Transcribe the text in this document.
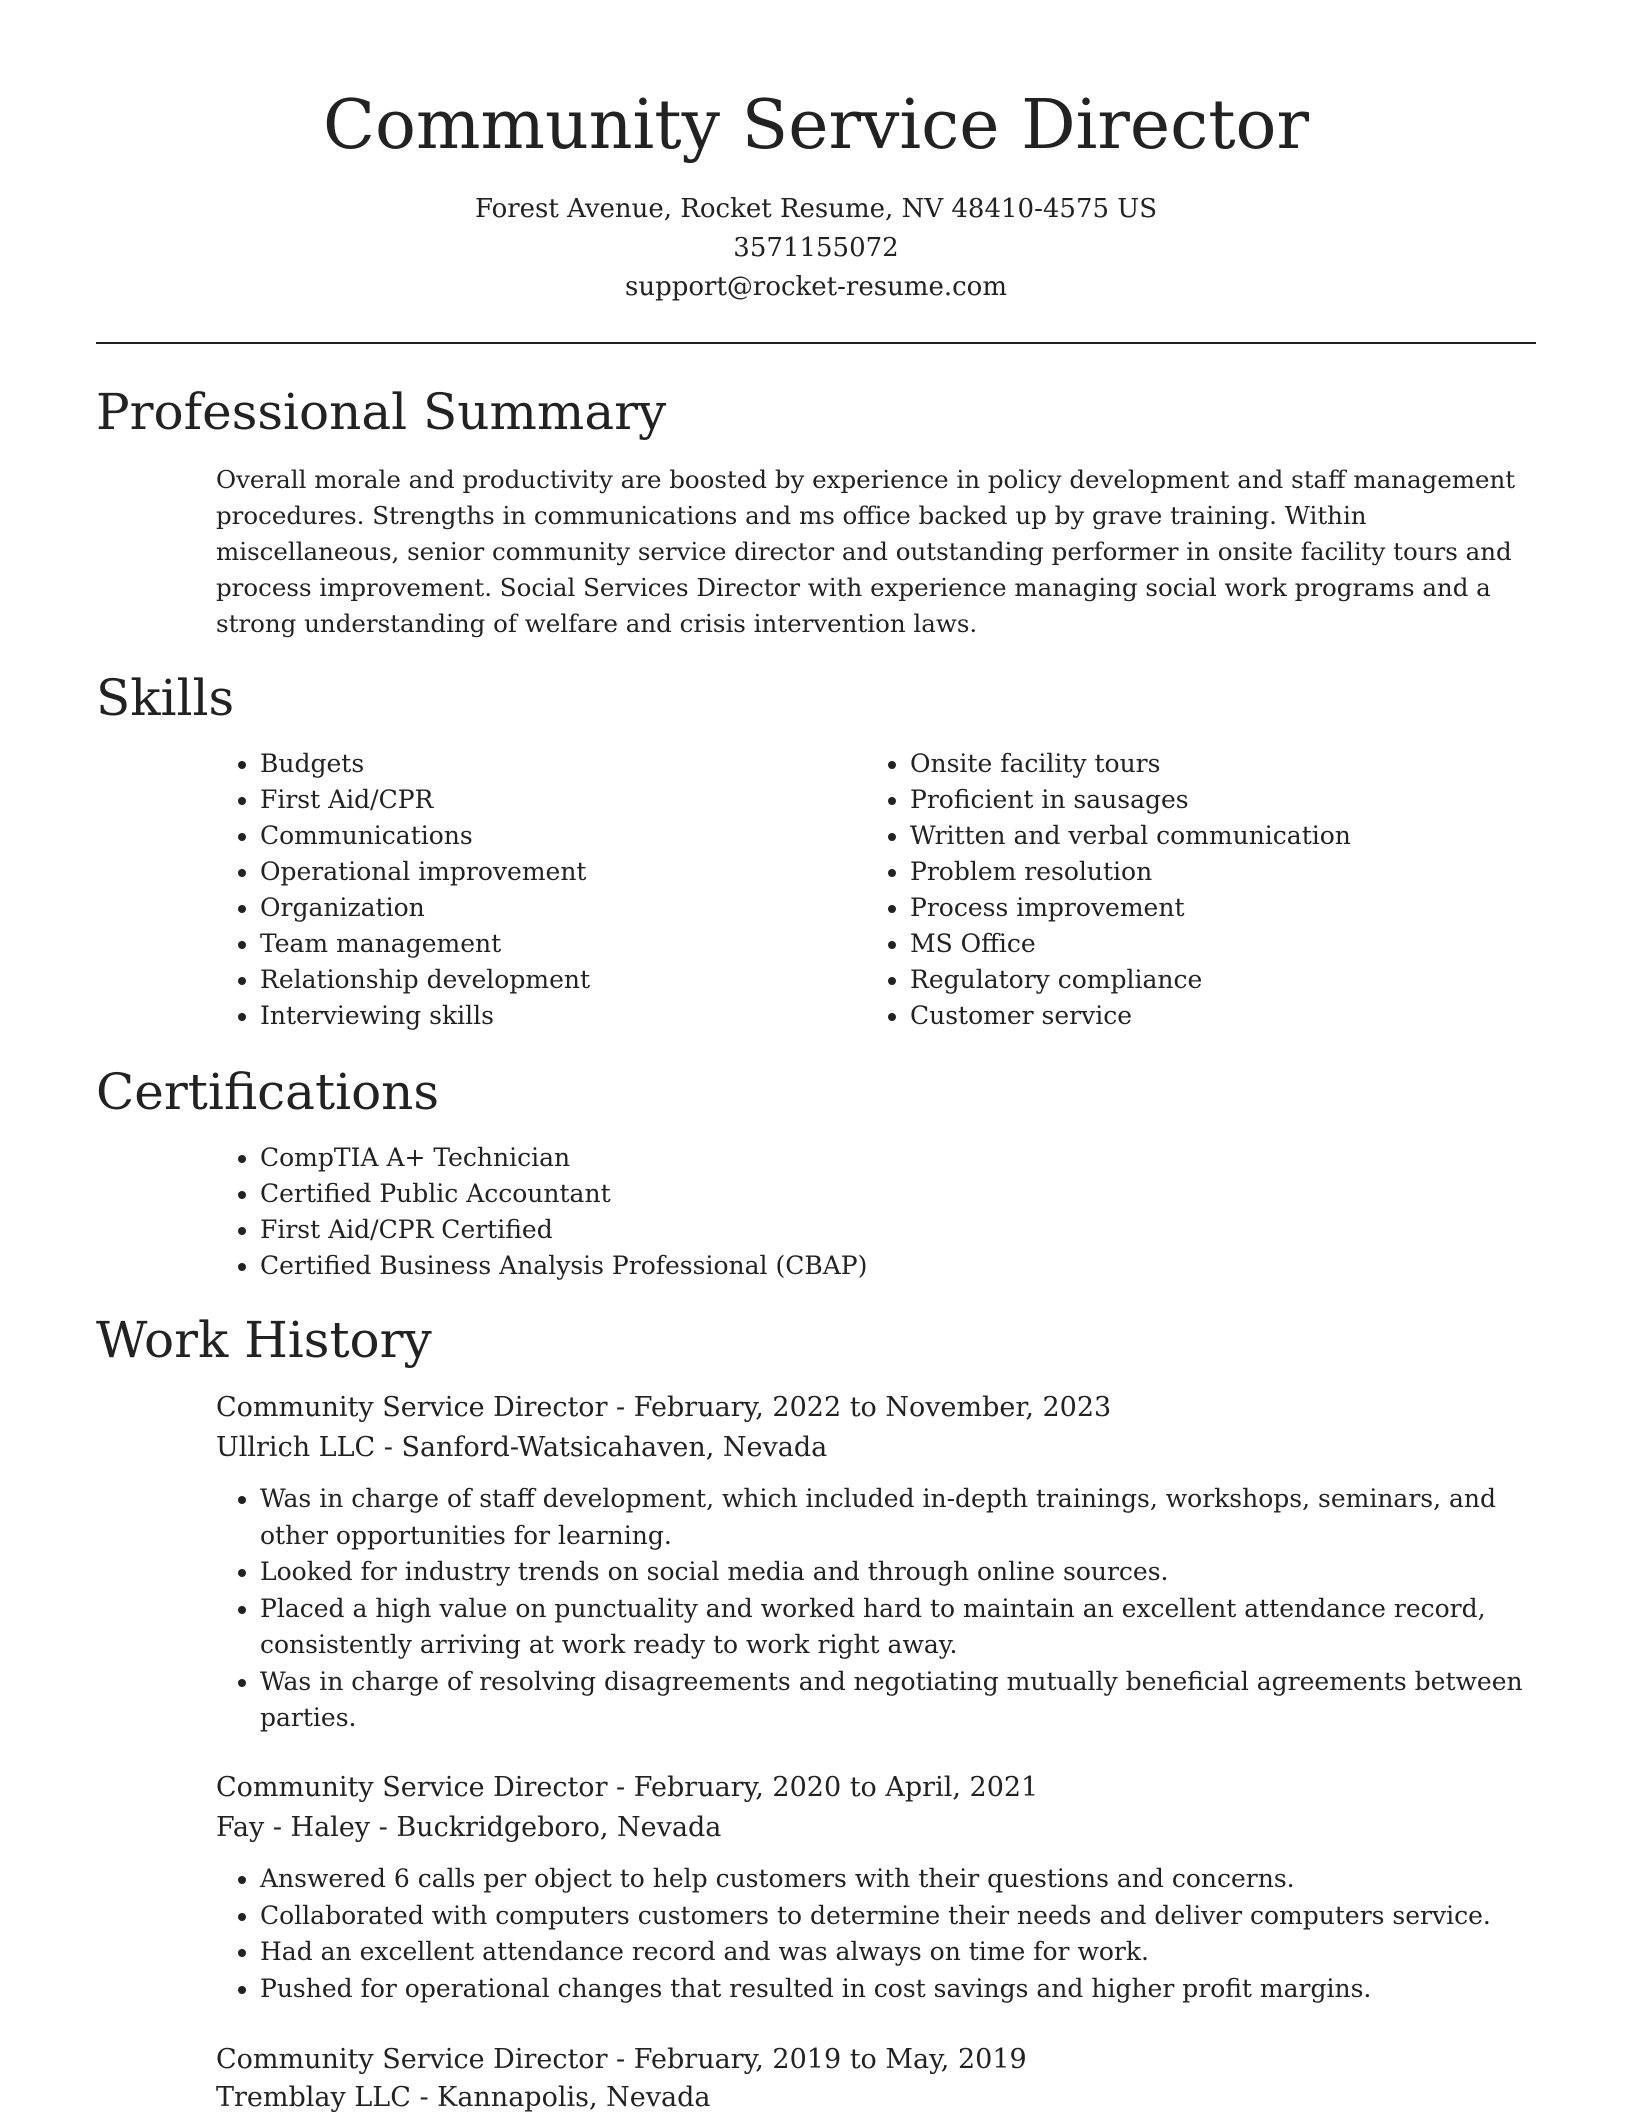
Community Service Director
Forest Avenue, Rocket Resume, NV 48410-4575 US
3571155072
support@rocket-resume.com
Professional Summary

Overall morale and productivity are boosted by experience in policy development and staff management procedures. Strengths in communications and ms office backed up by grave training. Within miscellaneous, senior community service director and outstanding performer in onsite facility tours and process improvement. Social Services Director with experience managing social work programs and a strong understanding of welfare and crisis intervention laws.

Skills
• Budgets
• First Aid/CPR
• Communications
• Operational improvement
• Organization
• Team management
• Relationship development
• Interviewing skills
• Onsite facility tours
• Proficient in sausages
• Written and verbal communication
• Problem resolution
• Process improvement
• MS Office
• Regulatory compliance
• Customer service
Certifications
• CompTIA A+ Technician
• Certified Public Accountant
• First Aid/CPR Certified
• Certified Business Analysis Professional (CBAP)
Work History
Community Service Director - February, 2022 to November, 2023
Ullrich LLC - Sanford-Watsicahaven, Nevada
• Was in charge of staff development, which included in-depth trainings, workshops, seminars, and other opportunities for learning.
• Looked for industry trends on social media and through online sources.
• Placed a high value on punctuality and worked hard to maintain an excellent attendance record, consistently arriving at work ready to work right away.
• Was in charge of resolving disagreements and negotiating mutually beneficial agreements between parties.
Community Service Director - February, 2020 to April, 2021
Fay - Haley - Buckridgeboro, Nevada
• Answered 6 calls per object to help customers with their questions and concerns.
• Collaborated with computers customers to determine their needs and deliver computers service.
• Had an excellent attendance record and was always on time for work.
• Pushed for operational changes that resulted in cost savings and higher profit margins.
Community Service Director - February, 2019 to May, 2019
Tremblay LLC - Kannapolis, Nevada
